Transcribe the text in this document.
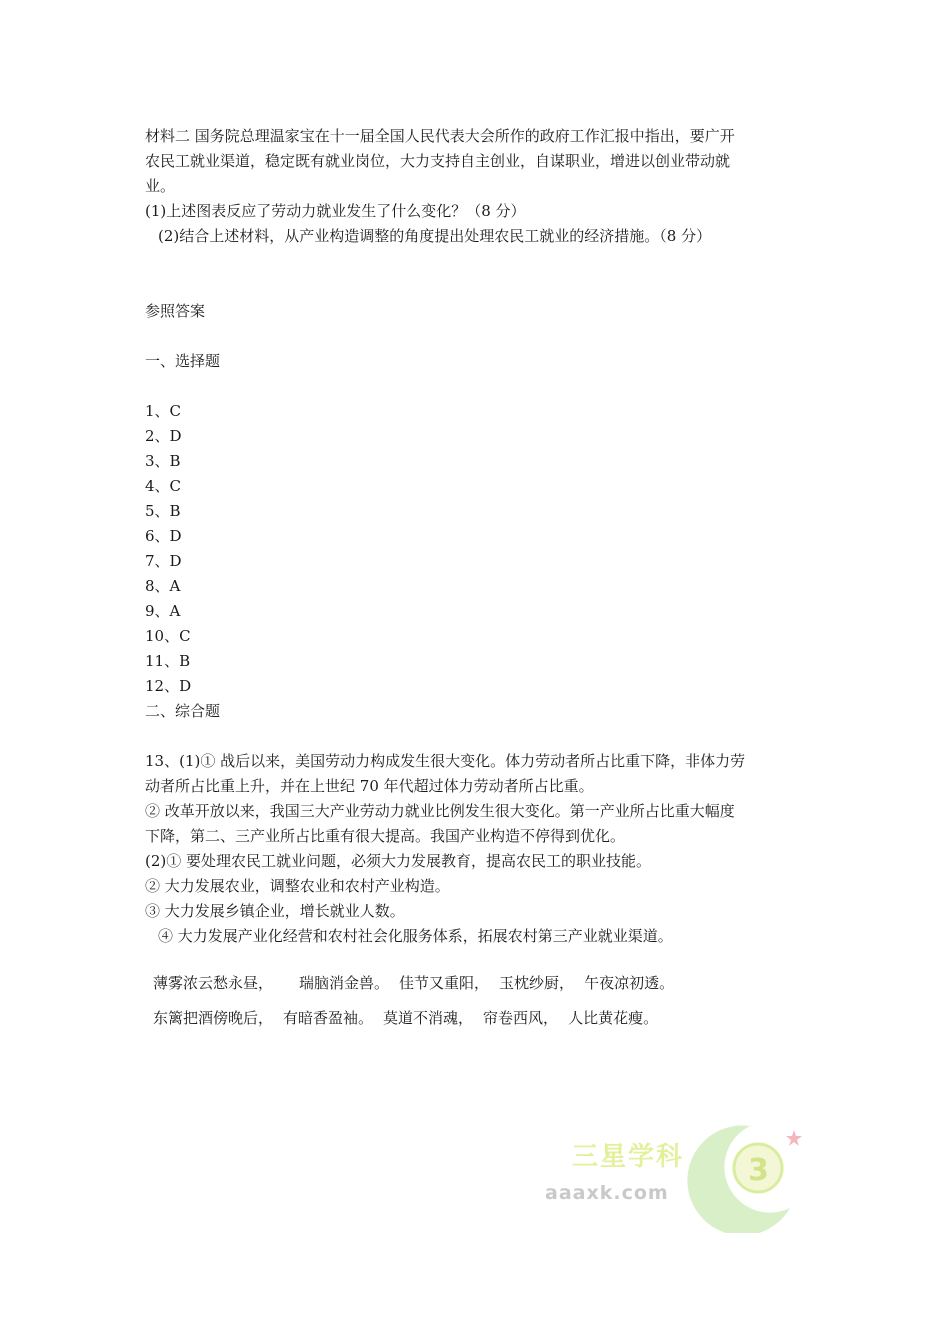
材料二 国务院总理温家宝在十一届全国人民代表大会所作的政府工作汇报中指出，要广开
农民工就业渠道，稳定既有就业岗位，大力支持自主创业，自谋职业，增进以创业带动就
业。
(1)上述图表反应了劳动力就业发生了什么变化？（8 分）
(2)结合上述材料，从产业构造调整的角度提出处理农民工就业的经济措施。（8 分）
参照答案
一、选择题
1、C
2、D
3、B
4、C
5、B
6、D
7、D
8、A
9、A
10、C
11、B
12、D
二、综合题
13、(1)① 战后以来，美国劳动力构成发生很大变化。体力劳动者所占比重下降，非体力劳
动者所占比重上升，并在上世纪 70 年代超过体力劳动者所占比重。
② 改革开放以来，我国三大产业劳动力就业比例发生很大变化。第一产业所占比重大幅度
下降，第二、三产业所占比重有很大提高。我国产业构造不停得到优化。
(2)① 要处理农民工就业问题，必须大力发展教育，提高农民工的职业技能。
② 大力发展农业，调整农业和农村产业构造。
③ 大力发展乡镇企业，增长就业人数。
④ 大力发展产业化经营和农村社会化服务体系，拓展农村第三产业就业渠道。
薄雾浓云愁永昼， 瑞脑消金兽。 佳节又重阳， 玉枕纱厨， 午夜凉初透。
东篱把酒傍晚后， 有暗香盈袖。 莫道不消魂， 帘卷西风， 人比黄花瘦。
3
三星学科
aaaxk.com
